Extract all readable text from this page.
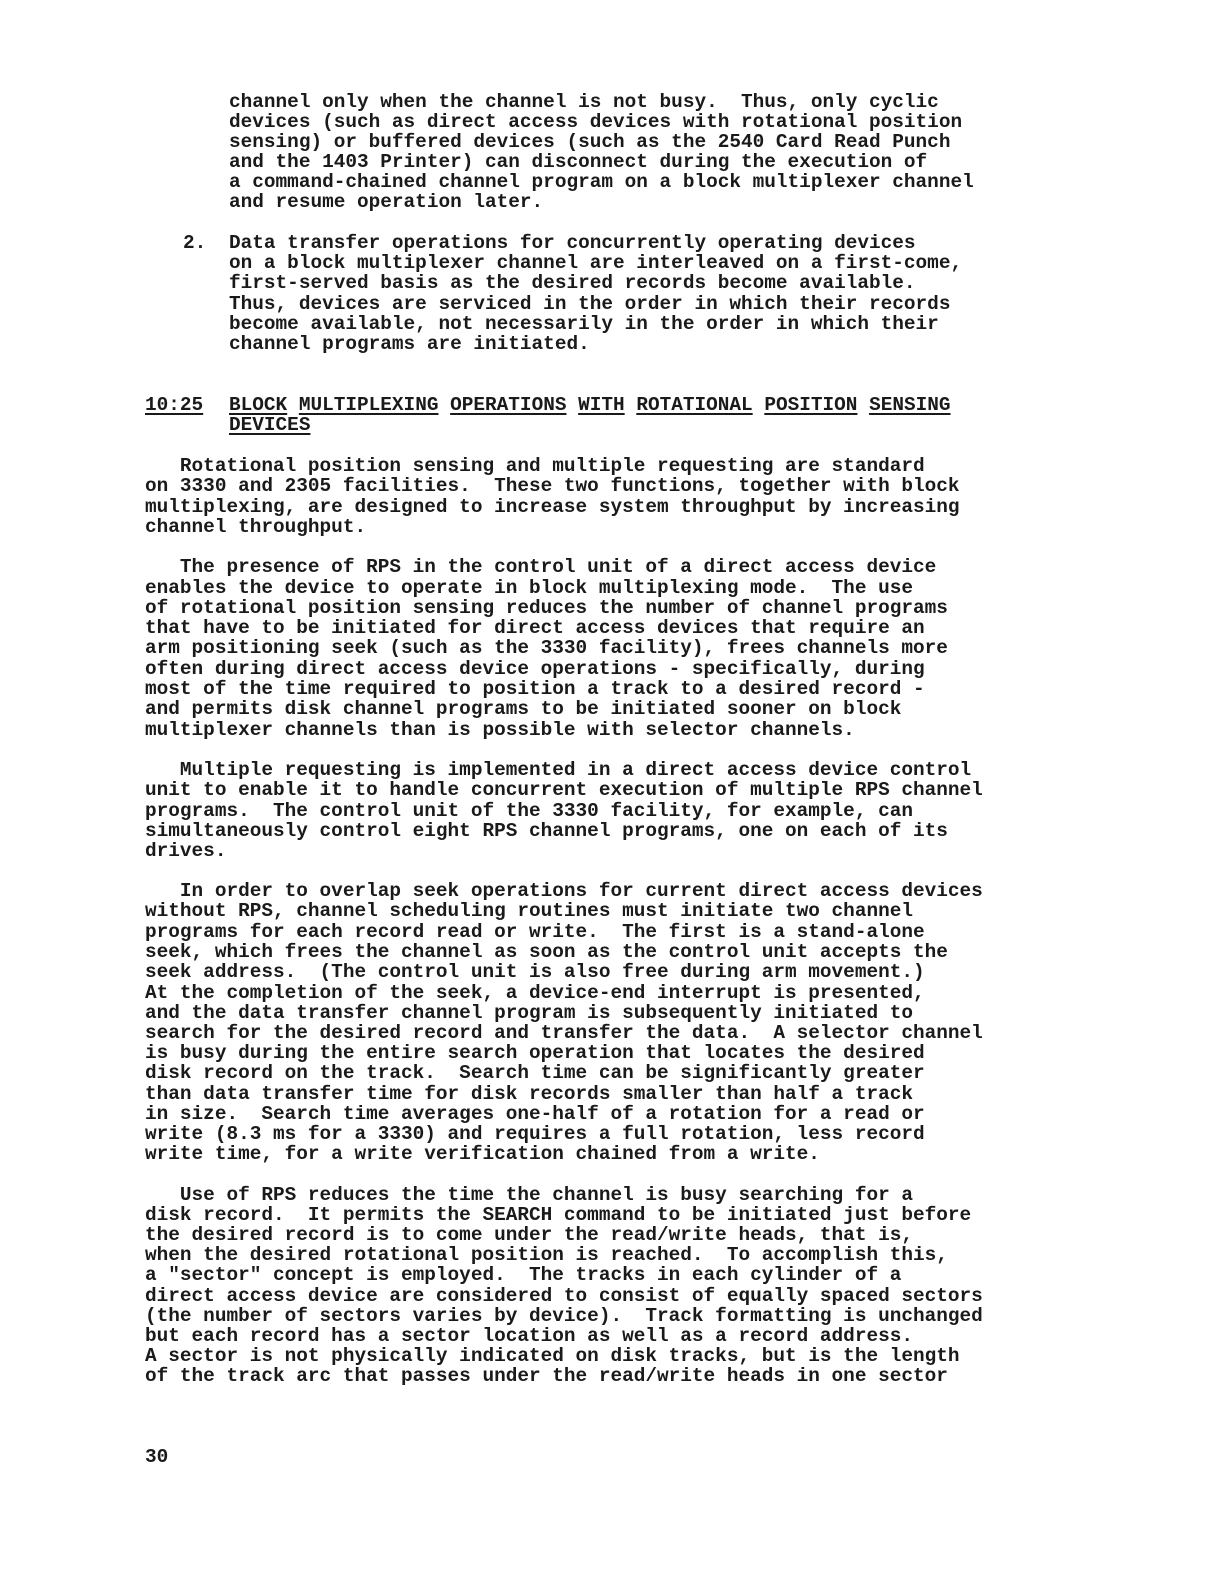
channel only when the channel is not busy.  Thus, only cyclic
devices (such as direct access devices with rotational position
sensing) or buffered devices (such as the 2540 Card Read Punch
and the 1403 Printer) can disconnect during the execution of
a command-chained channel program on a block multiplexer channel
and resume operation later.
2. Data transfer operations for concurrently operating devices
on a block multiplexer channel are interleaved on a first-come,
first-served basis as the desired records become available.
Thus, devices are serviced in the order in which their records
become available, not necessarily in the order in which their
channel programs are initiated.
10:25 BLOCK MULTIPLEXING OPERATIONS WITH ROTATIONAL POSITION SENSING
DEVICES
Rotational position sensing and multiple requesting are standard
on 3330 and 2305 facilities.  These two functions, together with block
multiplexing, are designed to increase system throughput by increasing
channel throughput.
The presence of RPS in the control unit of a direct access device
enables the device to operate in block multiplexing mode.  The use
of rotational position sensing reduces the number of channel programs
that have to be initiated for direct access devices that require an
arm positioning seek (such as the 3330 facility), frees channels more
often during direct access device operations - specifically, during
most of the time required to position a track to a desired record -
and permits disk channel programs to be initiated sooner on block
multiplexer channels than is possible with selector channels.
Multiple requesting is implemented in a direct access device control
unit to enable it to handle concurrent execution of multiple RPS channel
programs.  The control unit of the 3330 facility, for example, can
simultaneously control eight RPS channel programs, one on each of its
drives.
In order to overlap seek operations for current direct access devices
without RPS, channel scheduling routines must initiate two channel
programs for each record read or write.  The first is a stand-alone
seek, which frees the channel as soon as the control unit accepts the
seek address.  (The control unit is also free during arm movement.)
At the completion of the seek, a device-end interrupt is presented,
and the data transfer channel program is subsequently initiated to
search for the desired record and transfer the data.  A selector channel
is busy during the entire search operation that locates the desired
disk record on the track.  Search time can be significantly greater
than data transfer time for disk records smaller than half a track
in size.  Search time averages one-half of a rotation for a read or
write (8.3 ms for a 3330) and requires a full rotation, less record
write time, for a write verification chained from a write.
Use of RPS reduces the time the channel is busy searching for a
disk record.  It permits the SEARCH command to be initiated just before
the desired record is to come under the read/write heads, that is,
when the desired rotational position is reached.  To accomplish this,
a "sector" concept is employed.  The tracks in each cylinder of a
direct access device are considered to consist of equally spaced sectors
(the number of sectors varies by device).  Track formatting is unchanged
but each record has a sector location as well as a record address.
A sector is not physically indicated on disk tracks, but is the length
of the track arc that passes under the read/write heads in one sector
30
